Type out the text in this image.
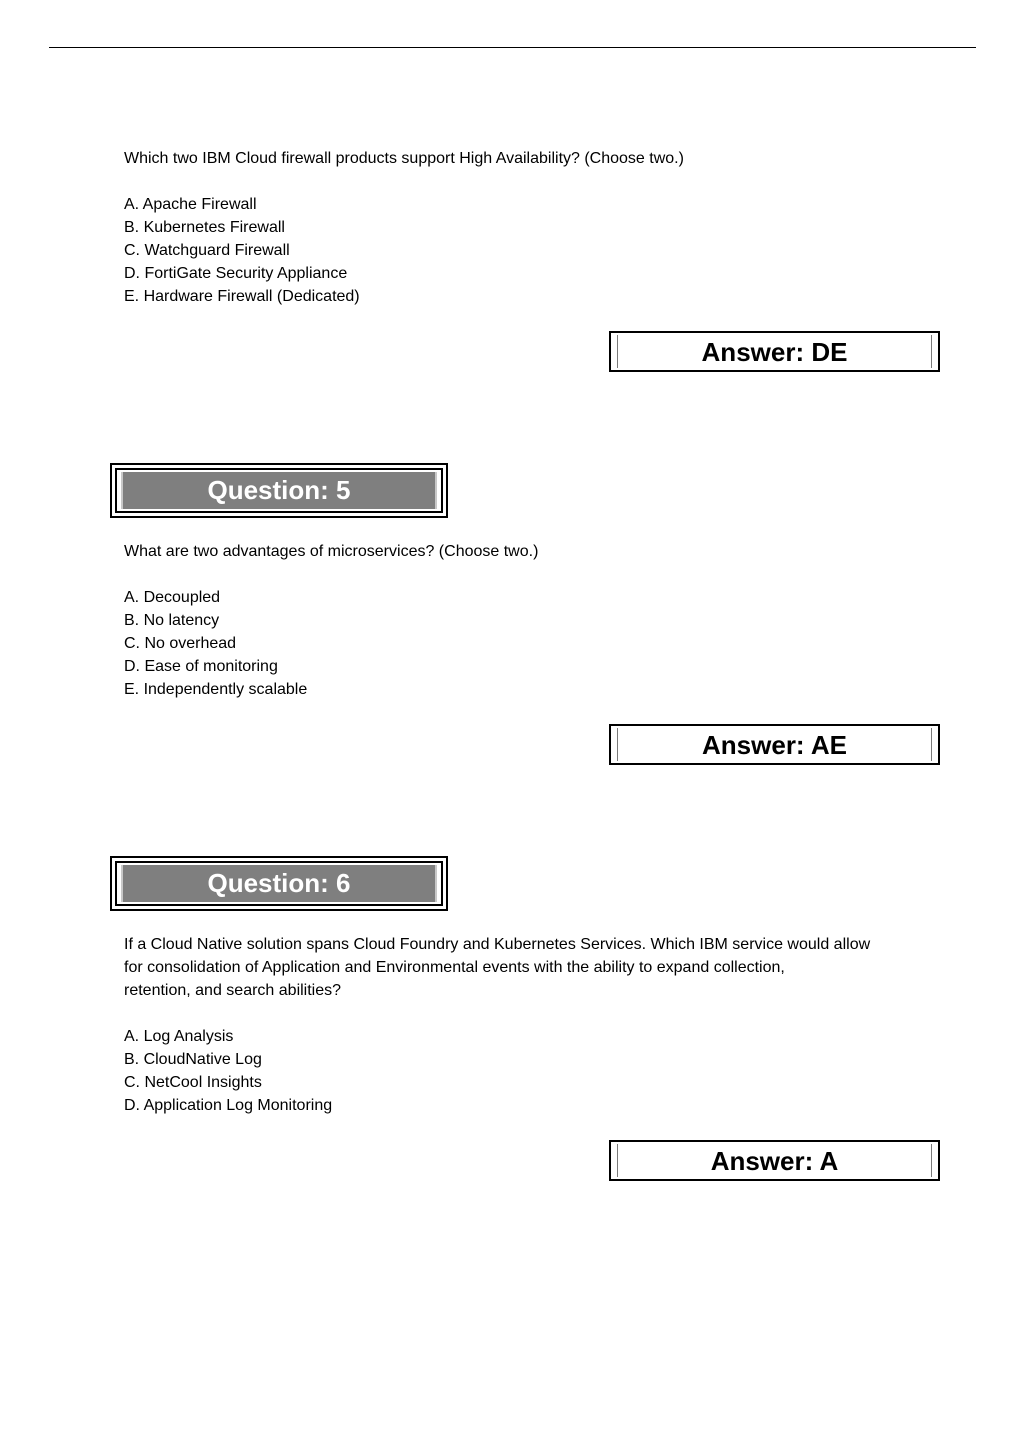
Which two IBM Cloud firewall products support High Availability? (Choose two.)
A. Apache Firewall
B. Kubernetes Firewall
C. Watchguard Firewall
D. FortiGate Security Appliance
E. Hardware Firewall (Dedicated)
Answer: DE
Question: 5
What are two advantages of microservices? (Choose two.)
A. Decoupled
B. No latency
C. No overhead
D. Ease of monitoring
E. Independently scalable
Answer: AE
Question: 6
If a Cloud Native solution spans Cloud Foundry and Kubernetes Services. Which IBM service would allow
for consolidation of Application and Environmental events with the ability to expand collection,
retention, and search abilities?
A. Log Analysis
B. CloudNative Log
C. NetCool Insights
D. Application Log Monitoring
Answer: A
